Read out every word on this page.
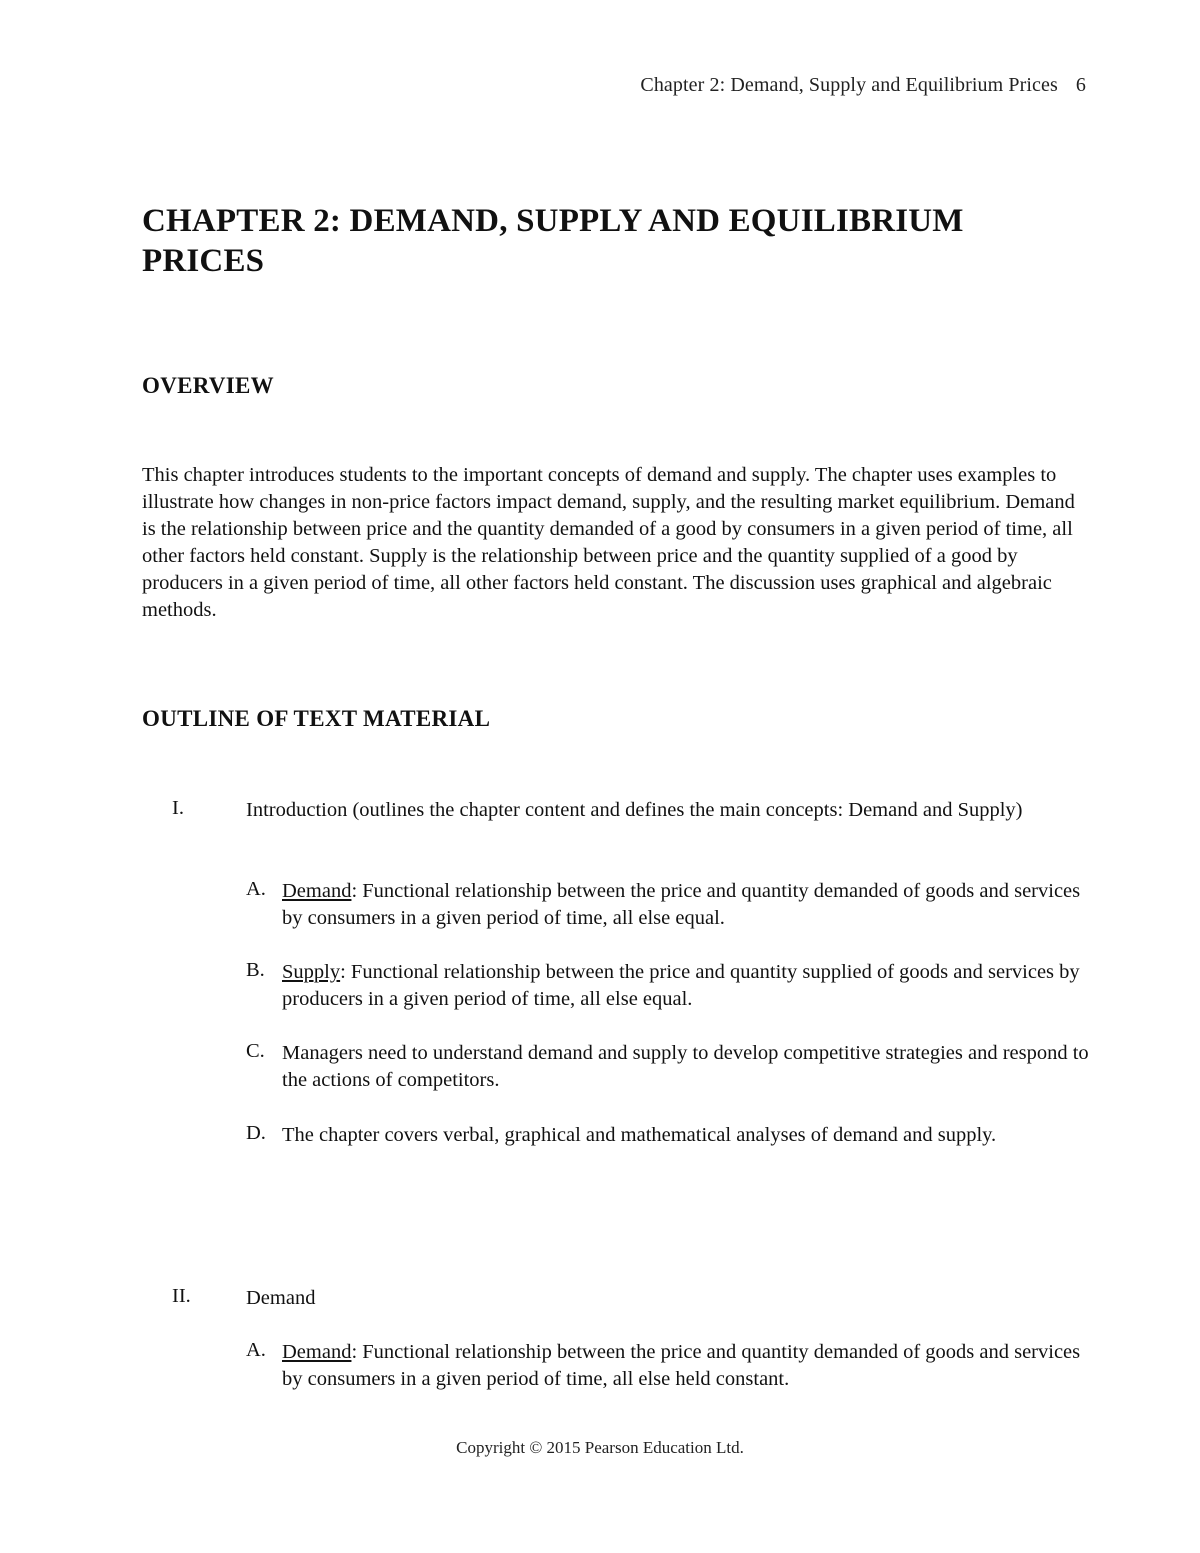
Chapter 2: Demand, Supply and Equilibrium Prices 6
CHAPTER 2: DEMAND, SUPPLY AND EQUILIBRIUM PRICES
OVERVIEW

This chapter introduces students to the important concepts of demand and supply. The chapter uses examples to illustrate how changes in non-price factors impact demand, supply, and the resulting market equilibrium. Demand is the relationship between price and the quantity demanded of a good by consumers in a given period of time, all other factors held constant. Supply is the relationship between price and the quantity supplied of a good by producers in a given period of time, all other factors held constant. The discussion uses graphical and algebraic methods.

OUTLINE OF TEXT MATERIAL
I.	Introduction (outlines the chapter content and defines the main concepts: Demand and Supply)

A. Demand: Functional relationship between the price and quantity demanded of goods and services by consumers in a given period of time, all else equal.

B. Supply: Functional relationship between the price and quantity supplied of goods and services by producers in a given period of time, all else equal.

C. Managers need to understand demand and supply to develop competitive strategies and respond to the actions of competitors.

D. The chapter covers verbal, graphical and mathematical analyses of demand and supply.

II.	Demand

A. Demand: Functional relationship between the price and quantity demanded of goods and services by consumers in a given period of time, all else held constant.

Copyright © 2015 Pearson Education Ltd.
